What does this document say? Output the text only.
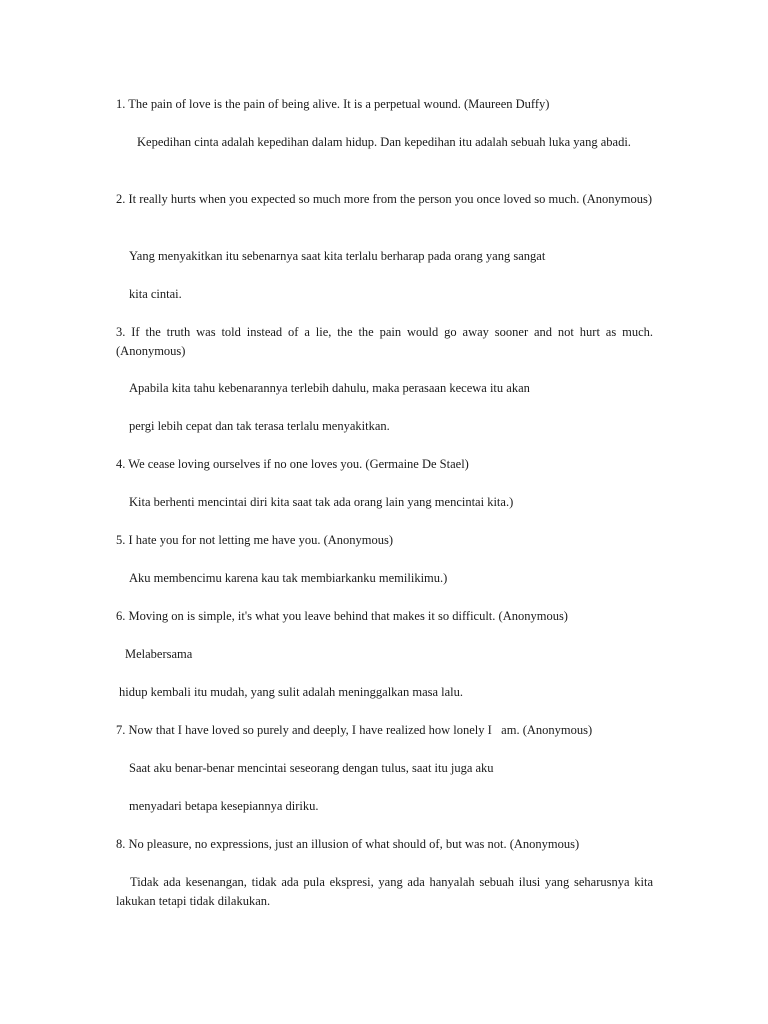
1. The pain of love is the pain of being alive. It is a perpetual wound. (Maureen Duffy)

Kepedihan cinta adalah kepedihan dalam hidup. Dan kepedihan itu adalah sebuah luka yang abadi.

2. It really hurts when you expected so much more from the person you once loved so much. (Anonymous)

Yang menyakitkan itu sebenarnya saat kita terlalu berharap pada orang yang sangat

kita cintai.

3. If the truth was told instead of a lie, the the pain would go away sooner and not hurt as much. (Anonymous)

Apabila kita tahu kebenarannya terlebih dahulu, maka perasaan kecewa itu akan

pergi lebih cepat dan tak terasa terlalu menyakitkan.

4. We cease loving ourselves if no one loves you. (Germaine De Stael)

Kita berhenti mencintai diri kita saat tak ada orang lain yang mencintai kita.)

5. I hate you for not letting me have you. (Anonymous)

Aku membencimu karena kau tak membiarkanku memilikimu.)

6. Moving on is simple, it's what you leave behind that makes it so difficult. (Anonymous)

Melabersama

hidup kembali itu mudah, yang sulit adalah meninggalkan masa lalu.

7. Now that I have loved so purely and deeply, I have realized how lonely I   am. (Anonymous)

Saat aku benar-benar mencintai seseorang dengan tulus, saat itu juga aku

menyadari betapa kesepiannya diriku.

8. No pleasure, no expressions, just an illusion of what should of, but was not. (Anonymous)

Tidak ada kesenangan, tidak ada pula ekspresi, yang ada hanyalah sebuah ilusi yang seharusnya kita lakukan tetapi tidak dilakukan.
